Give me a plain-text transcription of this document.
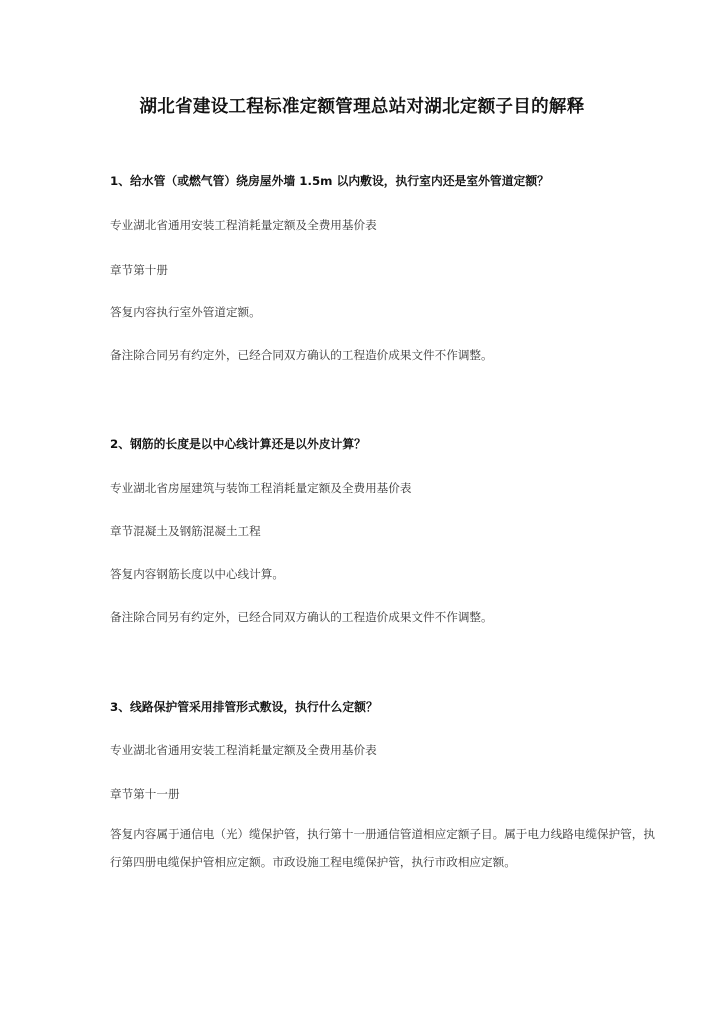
湖北省建设工程标准定额管理总站对湖北定额子目的解释

1、给水管（或燃气管）绕房屋外墙 1.5m 以内敷设，执行室内还是室外管道定额？

专业湖北省通用安装工程消耗量定额及全费用基价表

章节第十册

答复内容执行室外管道定额。

备注除合同另有约定外，已经合同双方确认的工程造价成果文件不作调整。

2、钢筋的长度是以中心线计算还是以外皮计算？

专业湖北省房屋建筑与装饰工程消耗量定额及全费用基价表

章节混凝土及钢筋混凝土工程

答复内容钢筋长度以中心线计算。

备注除合同另有约定外，已经合同双方确认的工程造价成果文件不作调整。

3、线路保护管采用排管形式敷设，执行什么定额？

专业湖北省通用安装工程消耗量定额及全费用基价表

章节第十一册

答复内容属于通信电（光）缆保护管，执行第十一册通信管道相应定额子目。属于电力线路电缆保护管，执行第四册电缆保护管相应定额。市政设施工程电缆保护管，执行市政相应定额。
